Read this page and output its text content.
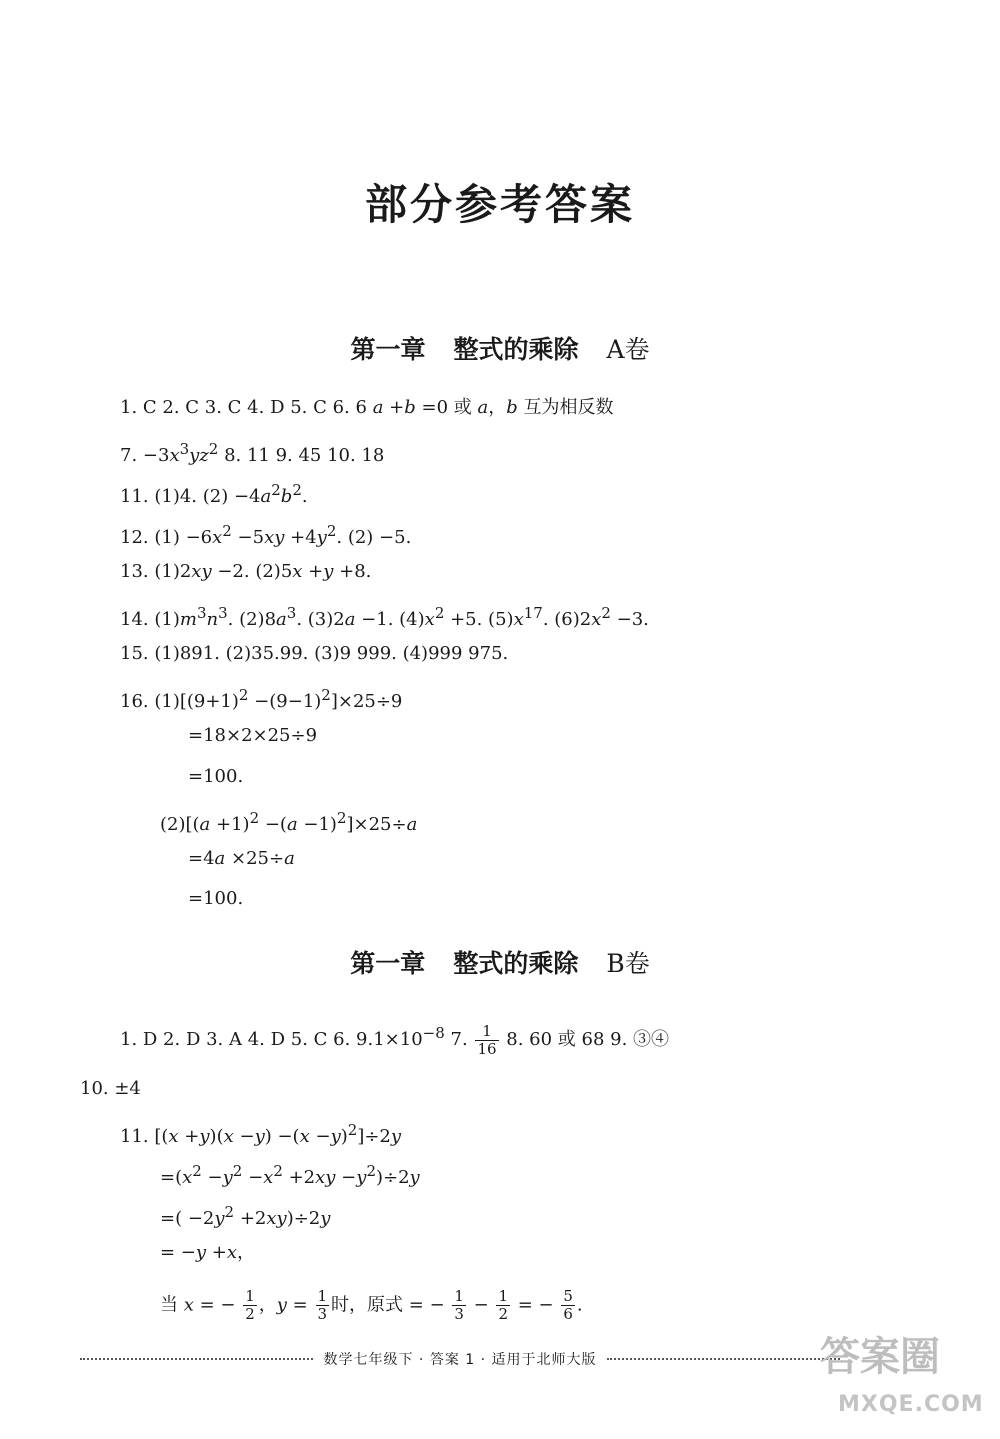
部分参考答案
第一章 整式的乘除 A卷
1. C 2. C 3. C 4. D 5. C 6. 6 a +b =0 或 a，b 互为相反数
7. $-3x^3yz^2$ 8. 11 9. 45 10. 18
11. (1)4. $(2) -4a^2b^2$.
12. $(1) -6x^2 -5xy +4y^2$. (2) −5.
13. (1)2xy −2. (2)5x +y +8.
14. $(1)m^3n^3$. $(2)8a^3$. (3)2a −1. $(4)x^2 +5$. $(5)x^{17}$. $(6)2x^2 -3$.
15. (1)891. (2)35.99. (3)9 999. (4)999 975.
16. $(1)[(9+1)^2 -(9-1)^2]\times 25\div 9$
=18×2×25÷9
=100.
$(2)[(a +1)^2 -(a -1)^2]\times 25\div a$
=4a ×25÷a
=100.
第一章 整式的乘除 B卷
1. D 2. D 3. A 4. D 5. C 6. $9.1\times 10^{-8}$ 7. $\frac{1}{16} 8$. 60 或 68 9. ③④
10. ±4
11. $[(x +y)(x -y) -(x -y)^2]\div 2y$
$=(x^2 -y^2 -x^2 +2xy -y^2)\div 2y$
=( $-2y^2 +2xy)\div 2y$
= −y +x，
当 x = − $\frac{1}{2}$ ，$y = \frac{1}{3}$ 时，原式 = − $\frac{1}{3} - \frac{1}{2}$ = − $\frac{5}{6}$ .
数学七年级下 · 答案 1 · 适用于北师大版	答案圈
MXQE.COM
